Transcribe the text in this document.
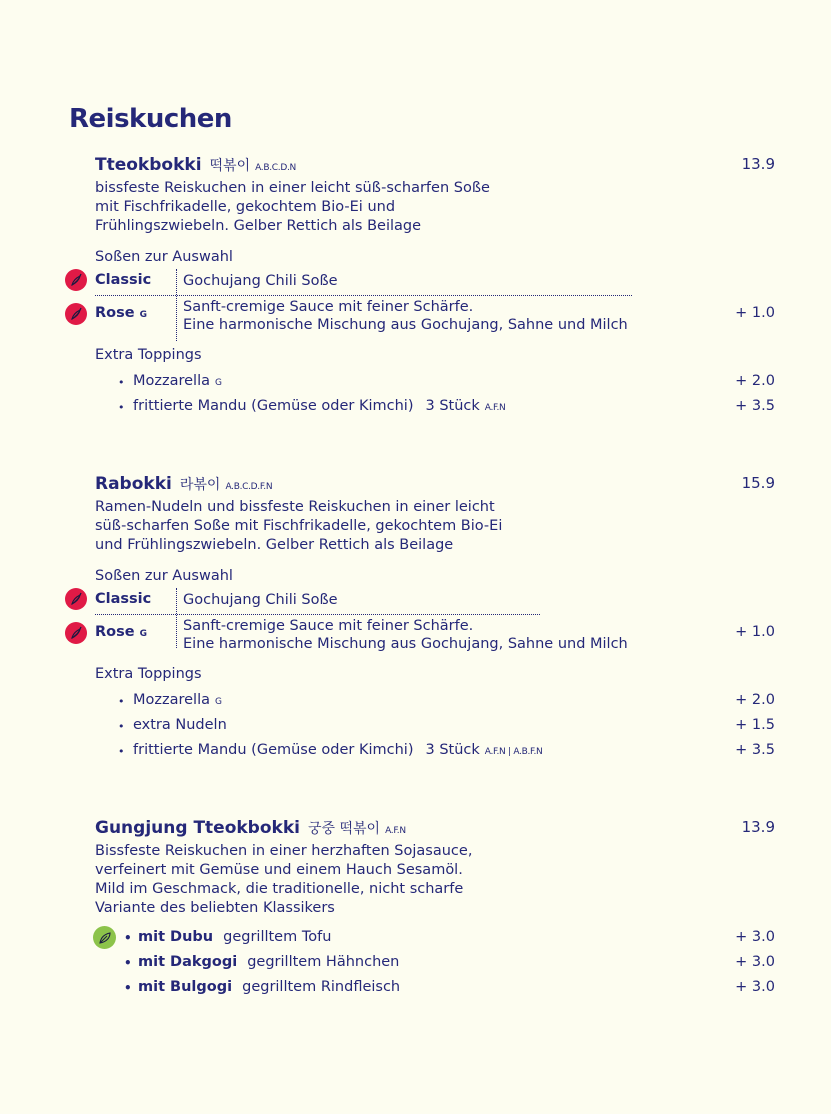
Reiskuchen
Tteokbokki 떡볶이 A.B.C.D.N	13.9
bissfeste Reiskuchen in einer leicht süß-scharfen Soße
mit Fischfrikadelle, gekochtem Bio-Ei und
Frühlingszwiebeln. Gelber Rettich als Beilage
Soßen zur Auswahl
Classic Gochujang Chili Soße
Rose G	Sanft-cremige Sauce mit feiner Schärfe.
Eine harmonische Mischung aus Gochujang, Sahne und Milch
+ 1.0
Extra Toppings
• Mozzarella G	+ 2.0
• frittierte Mandu (Gemüse oder Kimchi) 3 Stück A.F.N	+ 3.5
Rabokki 라볶이 A.B.C.D.F.N	15.9
Ramen-Nudeln und bissfeste Reiskuchen in einer leicht
süß-scharfen Soße mit Fischfrikadelle, gekochtem Bio-Ei
und Frühlingszwiebeln. Gelber Rettich als Beilage
Soßen zur Auswahl
Classic Gochujang Chili Soße
Rose G	Sanft-cremige Sauce mit feiner Schärfe.
Eine harmonische Mischung aus Gochujang, Sahne und Milch
+ 1.0
Extra Toppings
• Mozzarella G	+ 2.0
• extra Nudeln	+ 1.5
• frittierte Mandu (Gemüse oder Kimchi) 3 Stück A.F.N | A.B.F.N	+ 3.5
Gungjung Tteokbokki 궁중 떡볶이 A.F.N	13.9
Bissfeste Reiskuchen in einer herzhaften Sojasauce,
verfeinert mit Gemüse und einem Hauch Sesamöl.
Mild im Geschmack, die traditionelle, nicht scharfe
Variante des beliebten Klassikers
• mit Dubu gegrilltem Tofu	+ 3.0
• mit Dakgogi gegrilltem Hähnchen	+ 3.0
• mit Bulgogi gegrilltem Rindfleisch	+ 3.0
